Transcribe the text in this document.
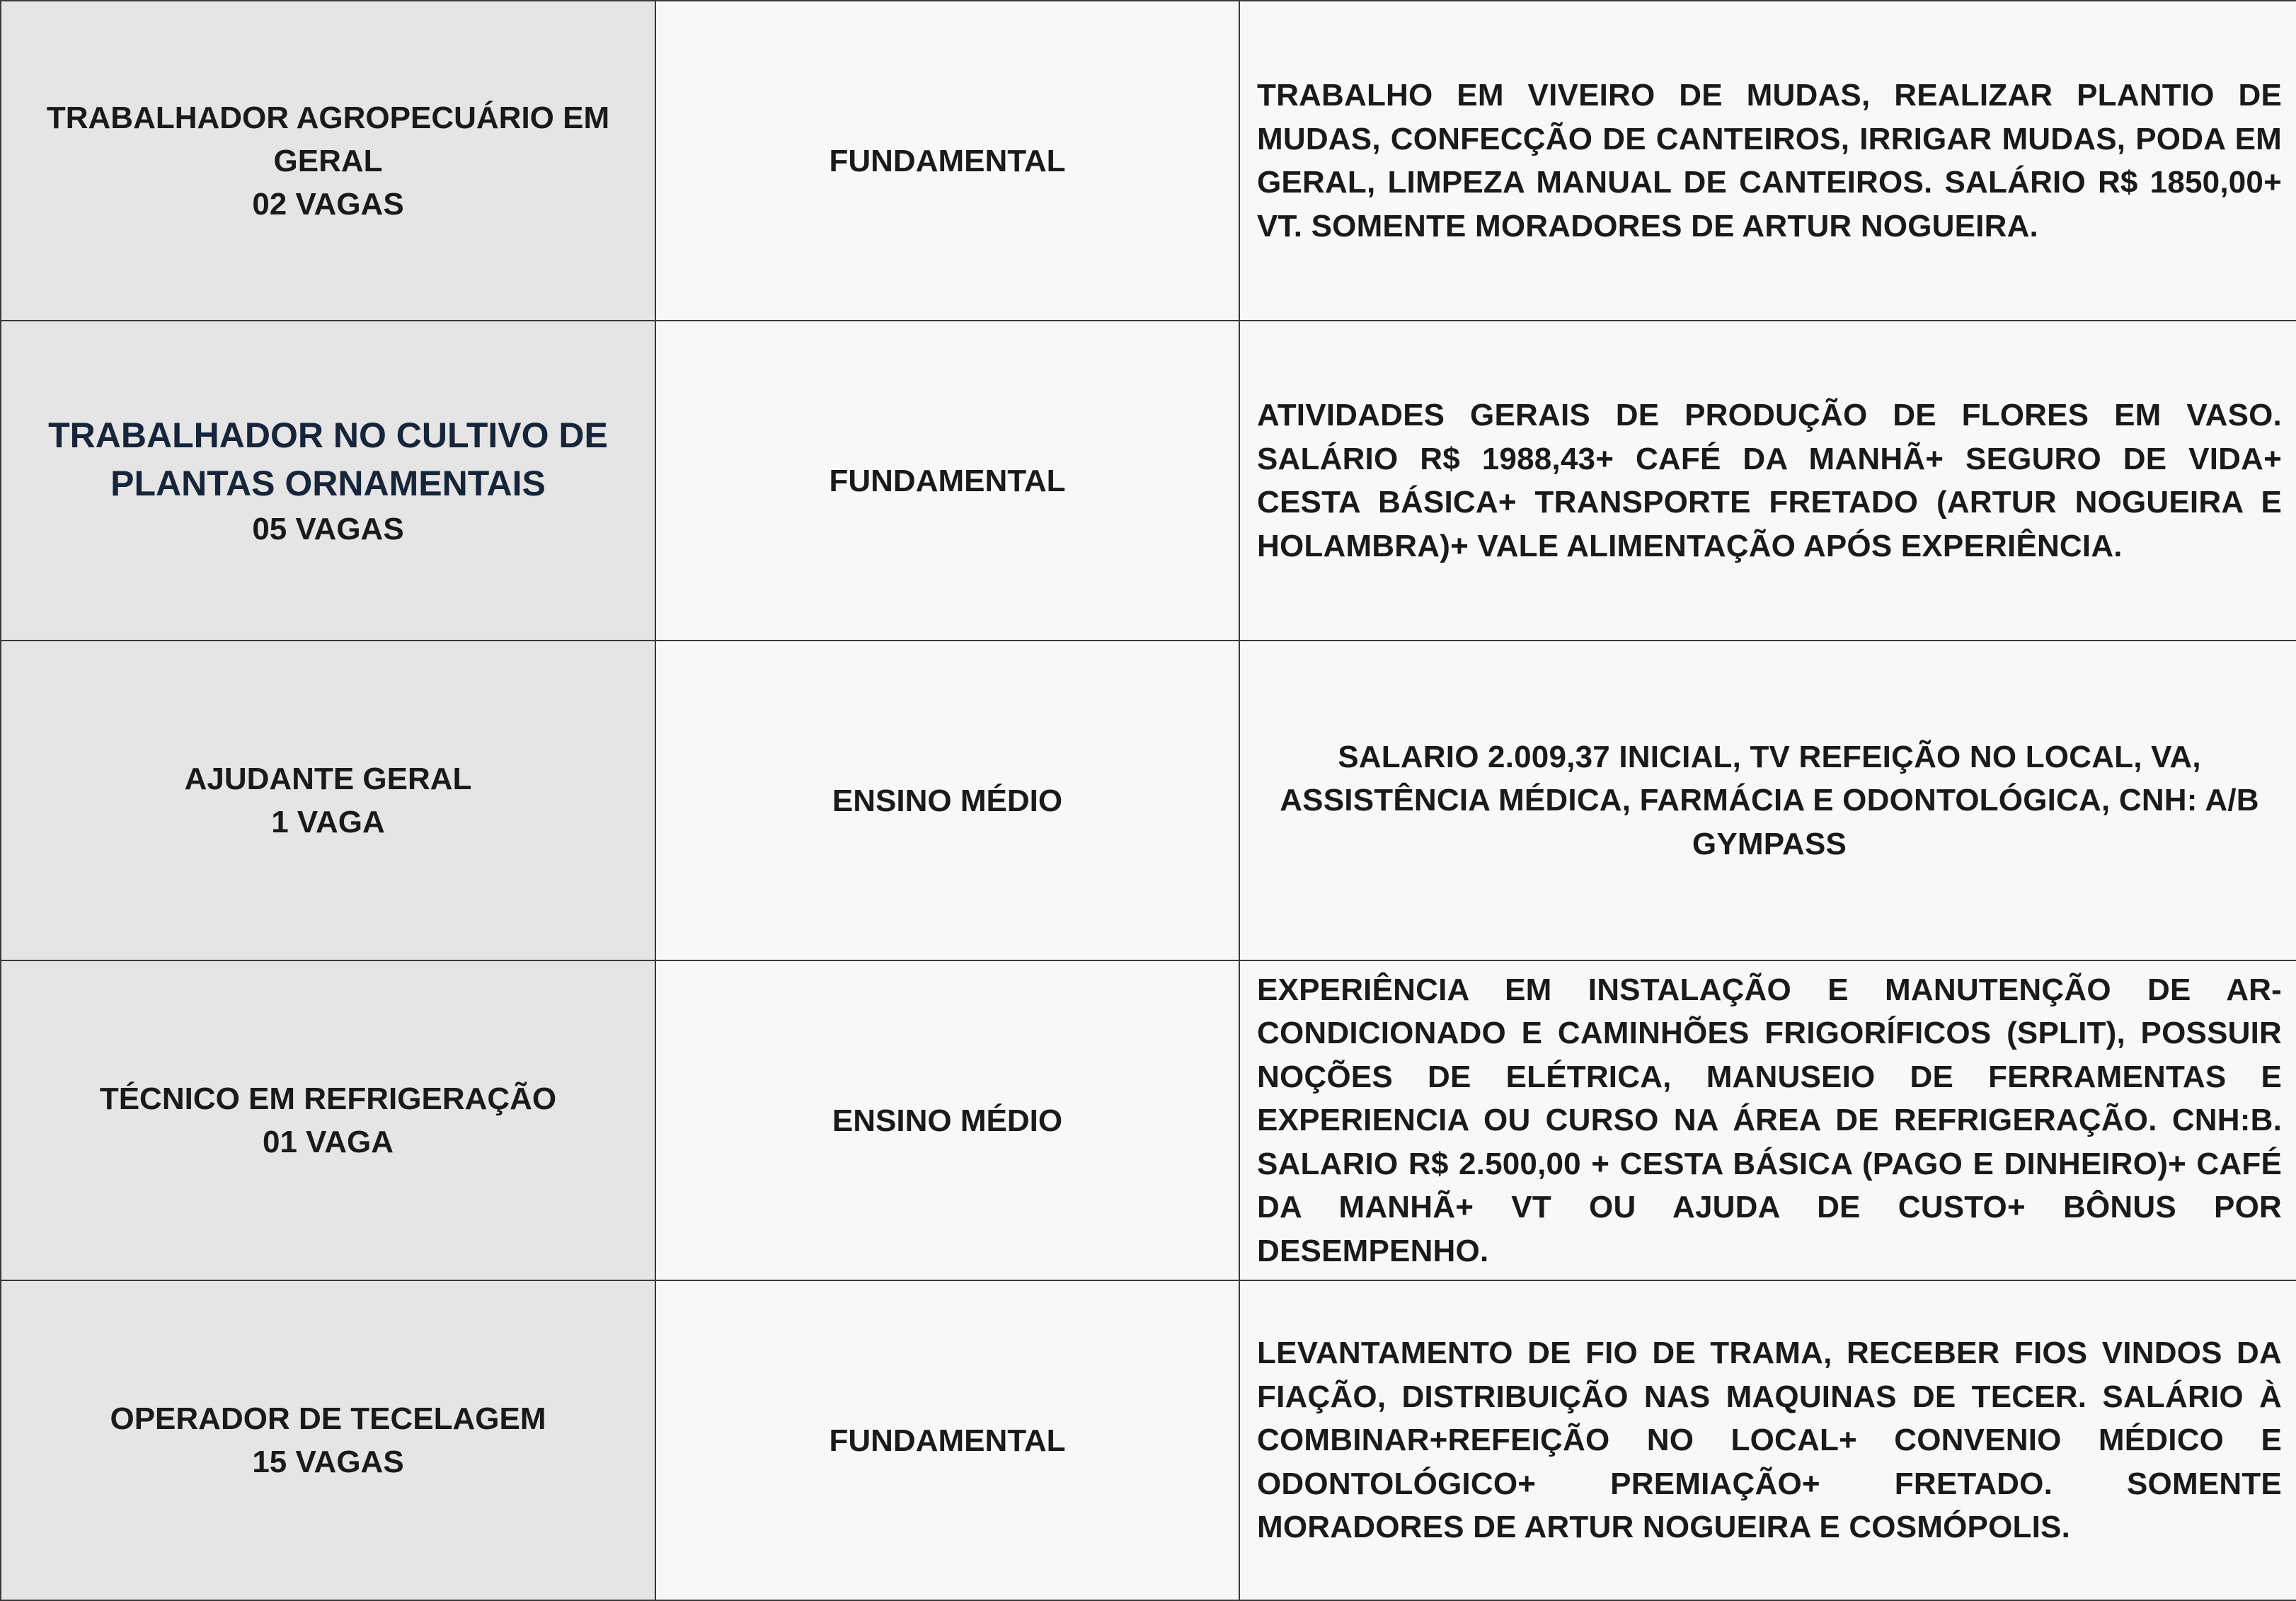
TRABALHADOR AGROPECUÁRIO EM GERAL
02 VAGAS	FUNDAMENTAL	TRABALHO EM VIVEIRO DE MUDAS, REALIZAR PLANTIO DE MUDAS, CONFECÇÃO DE CANTEIROS, IRRIGAR MUDAS, PODA EM GERAL, LIMPEZA MANUAL DE CANTEIROS. SALÁRIO R$ 1850,00+ VT. SOMENTE MORADORES DE ARTUR NOGUEIRA.

TRABALHADOR NO CULTIVO DE PLANTAS ORNAMENTAIS
05 VAGAS	FUNDAMENTAL	ATIVIDADES GERAIS DE PRODUÇÃO DE FLORES EM VASO. SALÁRIO R$ 1988,43+ CAFÉ DA MANHÃ+ SEGURO DE VIDA+ CESTA BÁSICA+ TRANSPORTE FRETADO (ARTUR NOGUEIRA E HOLAMBRA)+ VALE ALIMENTAÇÃO APÓS EXPERIÊNCIA.

AJUDANTE GERAL
1 VAGA	ENSINO MÉDIO	SALARIO 2.009,37 INICIAL, TV REFEIÇÃO NO LOCAL, VA, ASSISTÊNCIA MÉDICA, FARMÁCIA E ODONTOLÓGICA, CNH: A/B GYMPASS

TÉCNICO EM REFRIGERAÇÃO
01 VAGA	ENSINO MÉDIO	EXPERIÊNCIA EM INSTALAÇÃO E MANUTENÇÃO DE AR-CONDICIONADO E CAMINHÕES FRIGORÍFICOS (SPLIT), POSSUIR NOÇÕES DE ELÉTRICA, MANUSEIO DE FERRAMENTAS E EXPERIENCIA OU CURSO NA ÁREA DE REFRIGERAÇÃO. CNH:B. SALARIO R$ 2.500,00 + CESTA BÁSICA (PAGO E DINHEIRO)+ CAFÉ DA MANHÃ+ VT OU AJUDA DE CUSTO+ BÔNUS POR DESEMPENHO.

OPERADOR DE TECELAGEM
15 VAGAS	FUNDAMENTAL	LEVANTAMENTO DE FIO DE TRAMA, RECEBER FIOS VINDOS DA FIAÇÃO, DISTRIBUIÇÃO NAS MAQUINAS DE TECER. SALÁRIO À COMBINAR+REFEIÇÃO NO LOCAL+ CONVENIO MÉDICO E ODONTOLÓGICO+ PREMIAÇÃO+ FRETADO. SOMENTE MORADORES DE ARTUR NOGUEIRA E COSMÓPOLIS.
